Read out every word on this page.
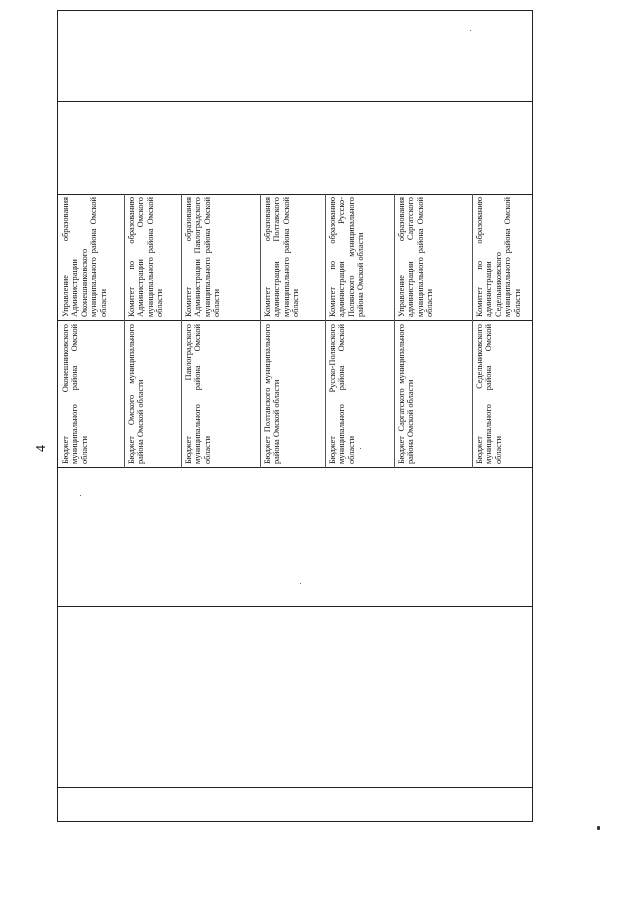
4 Бюджет Оконешниковского муниципального района Омской области
Управление образования Администрации Оконешниковского муниципального района Омской области
Бюджет Омского муниципального района Омской области
Комитет по образованию Администрации Омского муниципального района Омской области
Бюджет Павлоградского муниципального района Омской области
Комитет образования Администрации Павлоградского муниципального района Омской области
Бюджет Полтавского муниципального района Омской области
Комитет образования администрации Полтавского муниципального района Омской области
Бюджет Русско-Полянского муниципального района Омской области
Комитет по образованию администрации Русско-Полянского муниципального района Омской области
Бюджет Саргатского муниципального района Омской области
Управление образования администрации Саргатского муниципального района Омской области
Бюджет Седельниковского муниципального района Омской области
Комитет по образованию администрации Седельниковского муниципального района Омской области
